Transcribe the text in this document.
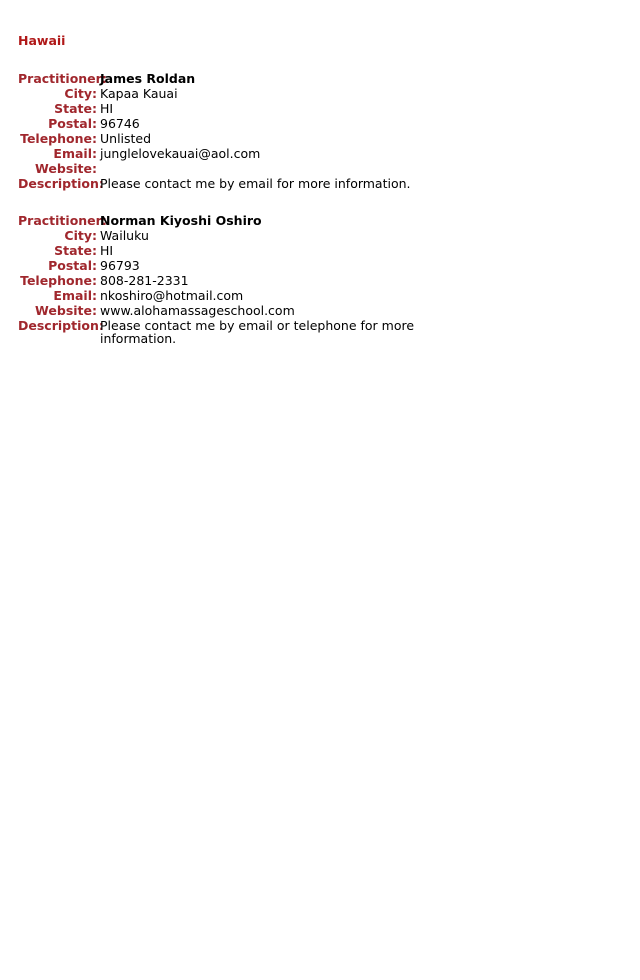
Hawaii
Practitioner:
James Roldan
City: Kapaa Kauai
State: HI
Postal: 96746
Telephone: Unlisted
Email: junglelovekauai@aol.com
Website:
Description:
Please contact me by email for more information.
Practitioner:
Norman Kiyoshi Oshiro
City: Wailuku
State: HI
Postal: 96793
Telephone: 808-281-2331
Email: nkoshiro@hotmail.com
Website: www.alohamassageschool.com
Description:
Please contact me by email or telephone for more information.
